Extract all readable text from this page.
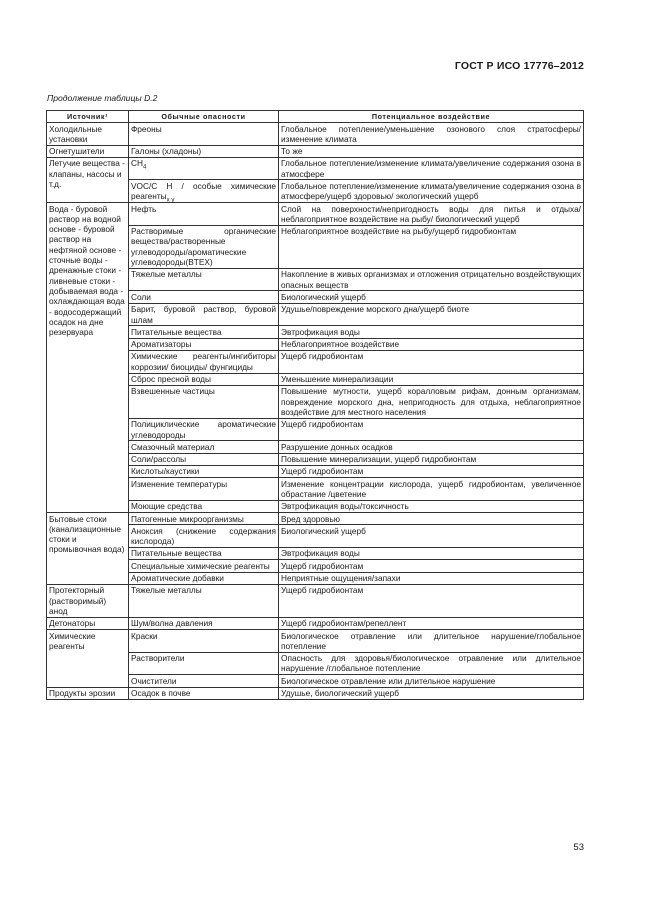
ГОСТ Р ИСО 17776–2012
Продолжение таблицы D.2
Источник¹	Обычные опасности	Потенциальное воздействие
Холодильные установки	Фреоны	Глобальное потепление/уменьшение озонового слоя стратосферы/изменение климата
Огнетушители	Галоны (хладоны)	То же
Летучие вещества - клапаны, насосы и т.д.	$CH_4$	Глобальное потепление/изменение климата/увеличение содержания озона в атмосфере
	VOC/C H / особые химические реагенты$_{x y}$	Глобальное потепление/изменение климата/увеличение содержания озона в атмосфере/ущерб здоровью/ экологический ущерб
Вода - буровой раствор на водной основе - буровой раствор на нефтяной основе - сточные воды - дренажные стоки - ливневые стоки - добываемая вода - охлаждающая вода - водосодержащий осадок на дне резервуара	Нефть	Слой на поверхности/непригодность воды для питья и отдыха/неблагоприятное воздействие на рыбу/ биологический ущерб
	Растворимые органические вещества/растворенные углеводороды/ароматические углеводороды(BTEX)	Неблагоприятное воздействие на рыбу/ущерб гидробионтам
	Тяжелые металлы	Накопление в живых организмах и отложения отрицательно воздействующих опасных веществ
	Соли	Биологический ущерб
	Барит, буровой раствор, буровой шлам	Удушье/повреждение морского дна/ущерб биоте
	Питательные вещества	Эвтрофикация воды
	Ароматизаторы	Неблагоприятное воздействие
	Химические реагенты/ингибиторы коррозии/ биоциды/ фунгициды	Ущерб гидробионтам
	Сброс пресной воды	Уменьшение минерализации
	Взвешенные частицы	Повышение мутности, ущерб коралловым рифам, донным организмам, повреждение морского дна, непригодность для отдыха, неблагоприятное воздействие для местного населения
	Полициклические ароматические углеводороды	Ущерб гидробионтам
	Смазочный материал	Разрушение донных осадков
	Соли/рассолы	Повышение минерализации, ущерб гидробионтам
	Кислоты/каустики	Ущерб гидробионтам
	Изменение температуры	Изменение концентрации кислорода, ущерб гидробионтам, увеличенное обрастание /цветение
	Моющие средства	Эвтрофикация воды/токсичность
Бытовые стоки (канализационные стоки и промывочная вода)	Патогенные микроорганизмы	Вред здоровью
	Аноксия (снижение содержания кислорода)	Биологический ущерб
	Питательные вещества	Эвтрофикация воды
	Специальные химические реагенты	Ущерб гидробионтам
	Ароматические добавки	Неприятные ощущения/запахи
Протекторный (растворимый) анод	Тяжелые металлы	Ущерб гидробионтам
Детонаторы	Шум/волна давления	Ущерб гидробионтам/репеллент
Химические реагенты	Краски	Биологическое отравление или длительное нарушение/глобальное потепление
	Растворители	Опасность для здоровья/биологическое отравление или длительное нарушение /глобальное потепление
	Очистители	Биологическое отравление или длительное нарушение
Продукты эрозии	Осадок в почве	Удушье, биологический ущерб
53
